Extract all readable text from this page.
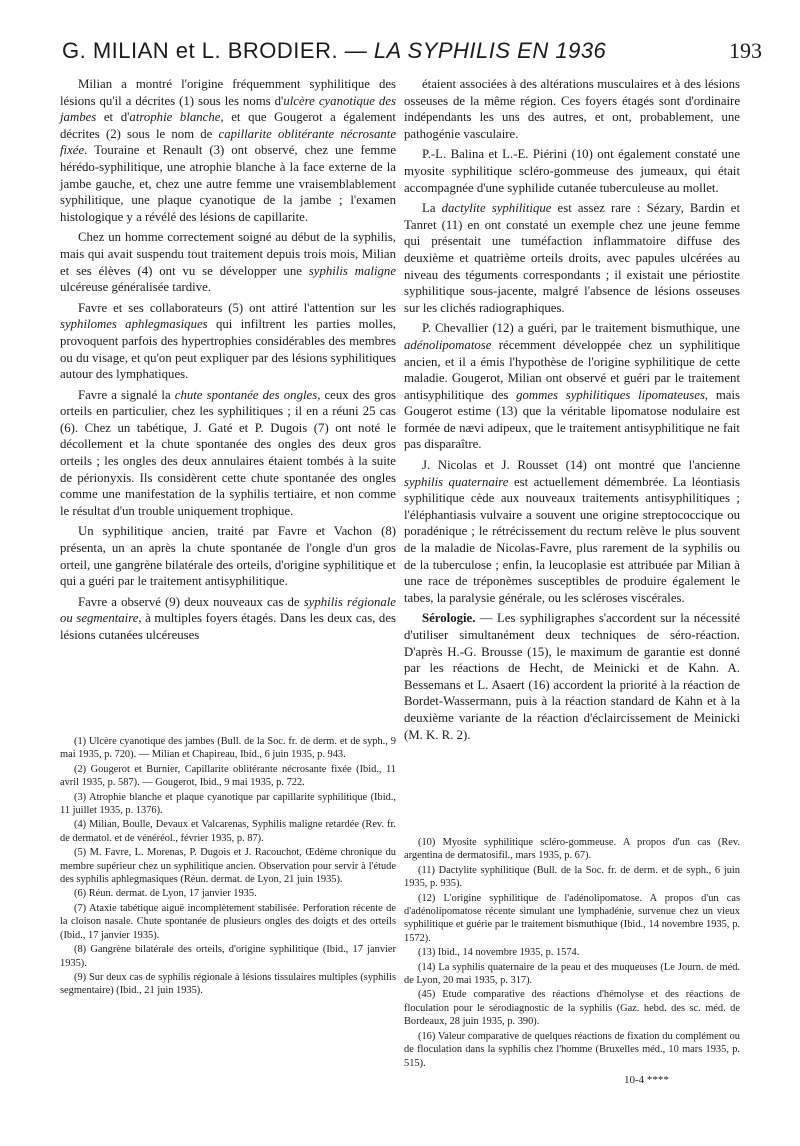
G. MILIAN et L. BRODIER. — LA SYPHILIS EN 1936	193

Milian a montré l'origine fréquemment syphilitique des lésions qu'il a décrites (1) sous les noms d'ulcère cyanotique des jambes et d'atrophie blanche, et que Gougerot a également décrites (2) sous le nom de capillarite oblitérante nécrosante fixée. Touraine et Renault (3) ont observé, chez une femme hérédo-syphilitique, une atrophie blanche à la face externe de la jambe gauche, et, chez une autre femme une vraisemblablement syphilitique, une plaque cyanotique de la jambe ; l'examen histologique y a révélé des lésions de capillarite.

Chez un homme correctement soigné au début de la syphilis, mais qui avait suspendu tout traitement depuis trois mois, Milian et ses élèves (4) ont vu se développer une syphilis maligne ulcéreuse généralisée tardive.

Favre et ses collaborateurs (5) ont attiré l'attention sur les syphilomes aphlegmasiques qui infiltrent les parties molles, provoquent parfois des hypertrophies considérables des membres ou du visage, et qu'on peut expliquer par des lésions syphilitiques autour des lymphatiques.

Favre a signalé la chute spontanée des ongles, ceux des gros orteils en particulier, chez les syphilitiques ; il en a réuni 25 cas (6). Chez un tabétique, J. Gaté et P. Dugois (7) ont noté le décollement et la chute spontanée des ongles des deux gros orteils ; les ongles des deux annulaires étaient tombés à la suite de périonyxis. Ils considèrent cette chute spontanée des ongles comme une manifestation de la syphilis tertiaire, et non comme le résultat d'un trouble uniquement trophique.

Un syphilitique ancien, traité par Favre et Vachon (8) présenta, un an après la chute spontanée de l'ongle d'un gros orteil, une gangrène bilatérale des orteils, d'origine syphilitique et qui a guéri par le traitement antisyphilitique.

Favre a observé (9) deux nouveaux cas de syphilis régionale ou segmentaire, à multiples foyers étagés. Dans les deux cas, des lésions cutanées ulcéreuses

étaient associées à des altérations musculaires et à des lésions osseuses de la même région. Ces foyers étagés sont d'ordinaire indépendants les uns des autres, et ont, probablement, une pathogénie vasculaire.

P.-L. Balina et L.-E. Piérini (10) ont également constaté une myosite syphilitique scléro-gommeuse des jumeaux, qui était accompagnée d'une syphilide cutanée tuberculeuse au mollet.

La dactylite syphilitique est assez rare : Sézary, Bardin et Tanret (11) en ont constaté un exemple chez une jeune femme qui présentait une tuméfaction inflammatoire diffuse des deuxième et quatrième orteils droits, avec papules ulcérées au niveau des téguments correspondants ; il existait une périostite syphilitique sous-jacente, malgré l'absence de lésions osseuses sur les clichés radiographiques.

P. Chevallier (12) a guéri, par le traitement bismuthique, une adénolipomatose récemment développée chez un syphilitique ancien, et il a émis l'hypothèse de l'origine syphilitique de cette maladie. Gougerot, Milian ont observé et guéri par le traitement antisyphilitique des gommes syphilitiques lipomateuses, mais Gougerot estime (13) que la véritable lipomatose nodulaire est formée de nævi adipeux, que le traitement antisyphilitique ne fait pas disparaître.

J. Nicolas et J. Rousset (14) ont montré que l'ancienne syphilis quaternaire est actuellement démembrée. La léontiasis syphilitique cède aux nouveaux traitements antisyphilitiques ; l'éléphantiasis vulvaire a souvent une origine streptococcique ou poradénique ; le rétrécissement du rectum relève le plus souvent de la maladie de Nicolas-Favre, plus rarement de la syphilis ou de la tuberculose ; enfin, la leucoplasie est attribuée par Milian à une race de tréponèmes susceptibles de produire également le tabes, la paralysie générale, ou les scléroses viscérales.

Sérologie. — Les syphiligraphes s'accordent sur la nécessité d'utiliser simultanément deux techniques de séro-réaction. D'après H.-G. Brousse (15), le maximum de garantie est donné par les réactions de Hecht, de Meinicki et de Kahn. A. Bessemans et L. Asaert (16) accordent la priorité à la réaction de Bordet-Wassermann, puis à la réaction standard de Kahn et à la deuxième variante de la réaction d'éclaircissement de Meinicki (M. K. R. 2).

(1) Ulcère cyanotique des jambes (Bull. de la Soc. fr. de derm. et de syph., 9 mai 1935, p. 720). — Milian et Chapireau, Ibid., 6 juin 1935, p. 943.

(2) Gougerot et Burnier, Capillarite oblitérante nécrosante fixée (Ibid., 11 avril 1935, p. 587). — Gougerot, Ibid., 9 mai 1935, p. 722.

(3) Atrophie blanche et plaque cyanotique par capillarite syphilitique (Ibid., 11 juillet 1935, p. 1376).

(4) Milian, Boulle, Devaux et Valcarenas, Syphilis maligne retardée (Rev. fr. de dermatol. et de vénéréol., février 1935, p. 87).

(5) M. Favre, L. Morenas, P. Dugois et J. Racouchot, Œdème chronique du membre supérieur chez un syphilitique ancien. Observation pour servir à l'étude des syphilis aphlegmasiques (Réun. dermat. de Lyon, 21 juin 1935).

(6) Réun. dermat. de Lyon, 17 janvier 1935.

(7) Ataxie tabétique aiguë incomplètement stabilisée. Perforation récente de la cloison nasale. Chute spontanée de plusieurs ongles des doigts et des orteils (Ibid., 17 janvier 1935).

(8) Gangrène bilatérale des orteils, d'origine syphilitique (Ibid., 17 janvier 1935).

(9) Sur deux cas de syphilis régionale à lésions tissulaires multiples (syphilis segmentaire) (Ibid., 21 juin 1935).

(10) Myosite syphilitique scléro-gommeuse. A propos d'un cas (Rev. argentina de dermatosifil., mars 1935, p. 67).

(11) Dactylite syphilitique (Bull. de la Soc. fr. de derm. et de syph., 6 juin 1935, p. 935).

(12) L'origine syphilitique de l'adénolipomatose. A propos d'un cas d'adénolipomatose récente simulant une lymphadénie, survenue chez un vieux syphilitique et guérie par le traitement bismuthique (Ibid., 14 novembre 1935, p. 1572).

(13) Ibid., 14 novembre 1935, p. 1574.

(14) La syphilis quaternaire de la peau et des muqueuses (Le Journ. de méd. de Lyon, 20 mai 1935, p. 317).

(45) Etude comparative des réactions d'hémolyse et des réactions de floculation pour le sérodiagnostic de la syphilis (Gaz. hebd. des sc. méd. de Bordeaux, 28 juin 1935, p. 390).

(16) Valeur comparative de quelques réactions de fixation du complément ou de floculation dans la syphilis chez l'homme (Bruxelles méd., 10 mars 1935, p. 515).

10-4 ****
